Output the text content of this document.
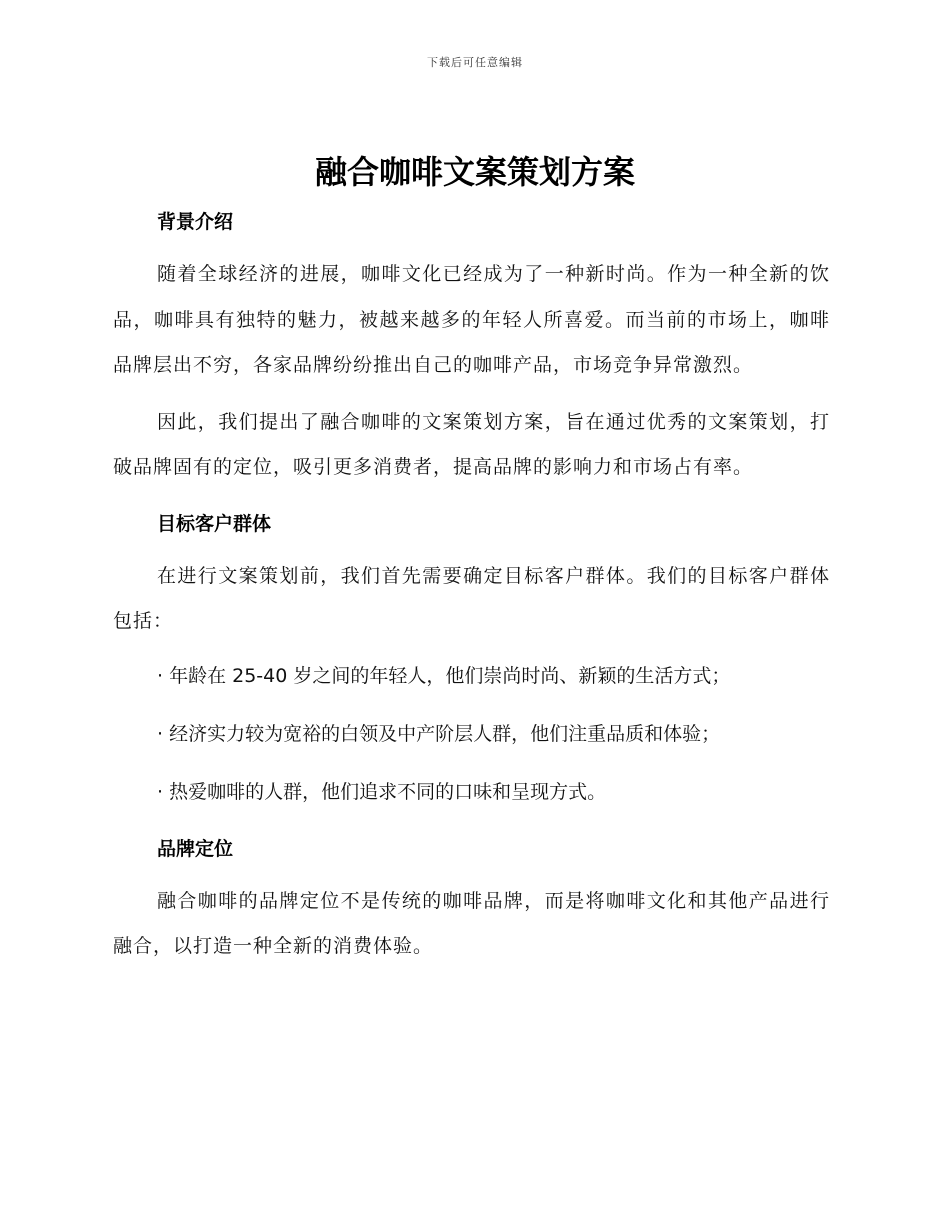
下载后可任意编辑
融合咖啡文案策划方案
背景介绍

随着全球经济的进展，咖啡文化已经成为了一种新时尚。作为一种全新的饮品，咖啡具有独特的魅力，被越来越多的年轻人所喜爱。而当前的市场上，咖啡品牌层出不穷，各家品牌纷纷推出自己的咖啡产品，市场竞争异常激烈。

因此，我们提出了融合咖啡的文案策划方案，旨在通过优秀的文案策划，打破品牌固有的定位，吸引更多消费者，提高品牌的影响力和市场占有率。

目标客户群体

在进行文案策划前，我们首先需要确定目标客户群体。我们的目标客户群体包括：

· 年龄在 25-40 岁之间的年轻人，他们崇尚时尚、新颖的生活方式；

· 经济实力较为宽裕的白领及中产阶层人群，他们注重品质和体验；

· 热爱咖啡的人群，他们追求不同的口味和呈现方式。

品牌定位

融合咖啡的品牌定位不是传统的咖啡品牌，而是将咖啡文化和其他产品进行融合，以打造一种全新的消费体验。
